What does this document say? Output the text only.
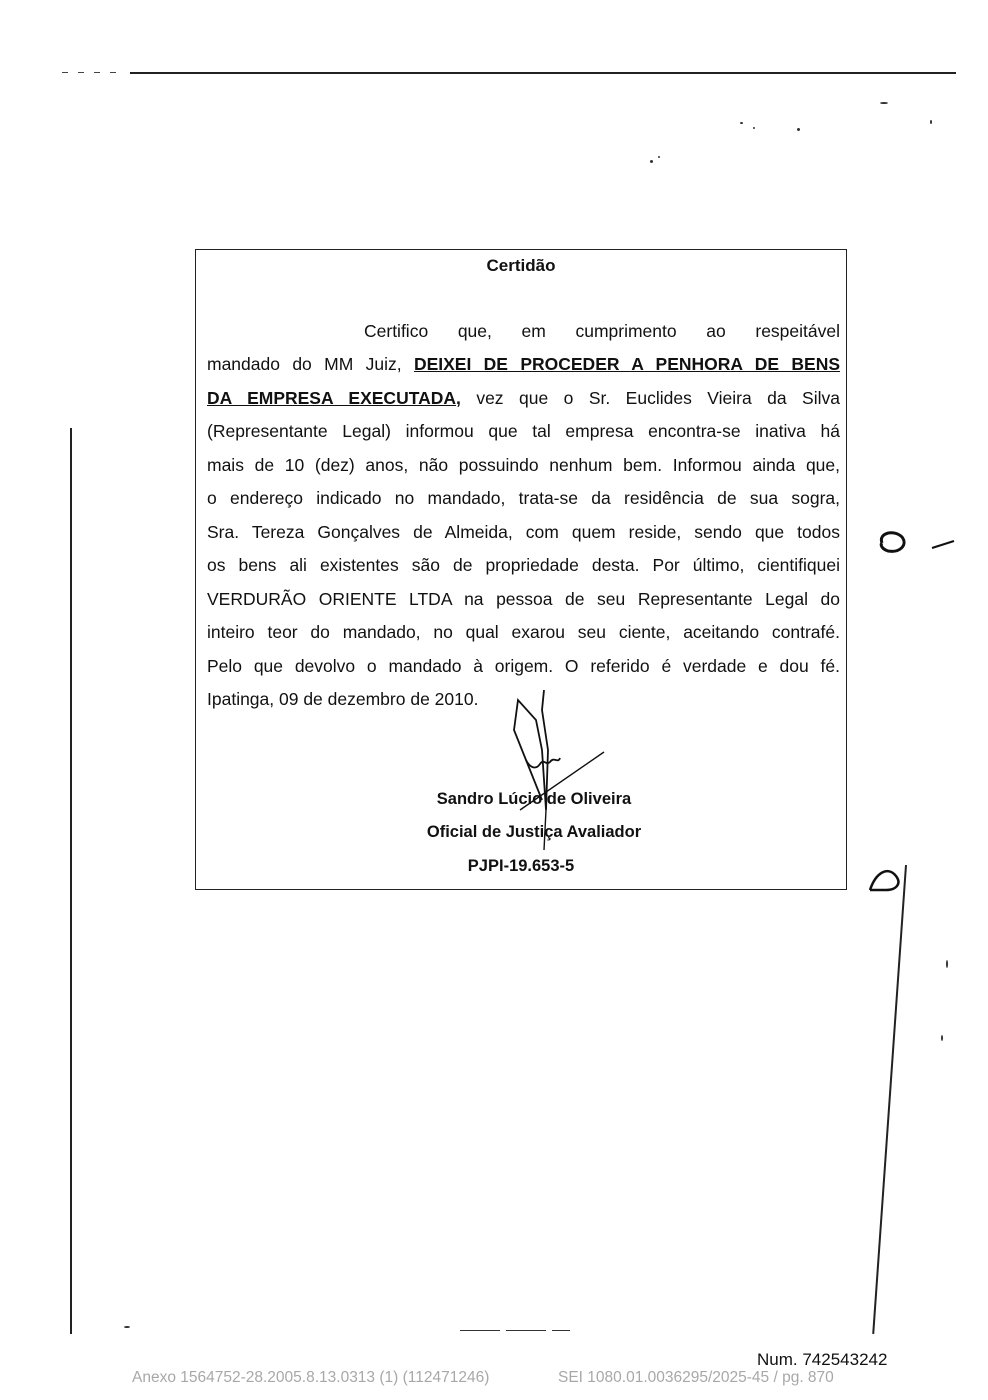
Certidão
Certifico que, em cumprimento ao respeitável
mandado do MM Juiz, DEIXEI DE PROCEDER A PENHORA DE BENS
DA EMPRESA EXECUTADA, vez que o Sr. Euclides Vieira da Silva
(Representante Legal) informou que tal empresa encontra-se inativa há
mais de 10 (dez) anos, não possuindo nenhum bem. Informou ainda que,
o endereço indicado no mandado, trata-se da residência de sua sogra,
Sra. Tereza Gonçalves de Almeida, com quem reside, sendo que todos
os bens ali existentes são de propriedade desta. Por último, cientifiquei
VERDURÃO ORIENTE LTDA na pessoa de seu Representante Legal do
inteiro teor do mandado, no qual exarou seu ciente, aceitando contrafé.
Pelo que devolvo o mandado à origem. O referido é verdade e dou fé.
Ipatinga, 09 de dezembro de 2010.
Sandro Lúcio de Oliveira
Oficial de Justiça Avaliador
PJPI-19.653-5
Num. 742543242
Anexo 1564752-28.2005.8.13.0313 (1) (112471246)	SEI 1080.01.0036295/2025-45 / pg. 870
